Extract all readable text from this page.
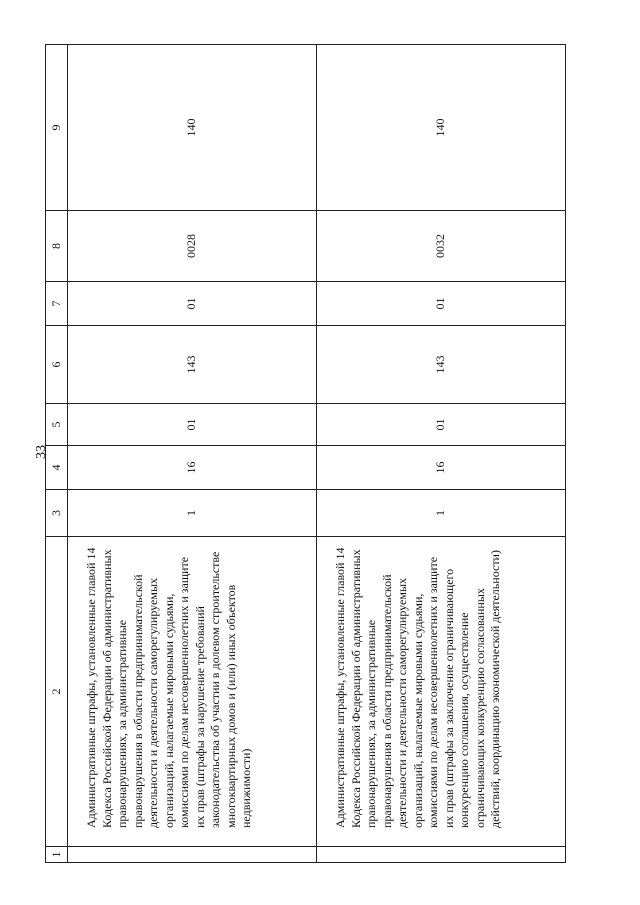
33
1	2	3	4	5	6	7	8	9
	Административные штрафы, установленные главой 14 Кодекса Российской Федерации об административных правонарушениях, за административные правонарушения в области предпринимательской деятельности и деятельности саморегулируемых организаций, налагаемые мировыми судьями, комиссиями по делам несовершеннолетних и защите их прав (штрафы за нарушение требований законодательства об участии в долевом строительстве многоквартирных домов и (или) иных объектов недвижимости)	1	16	01	143	01	0028	140
	Административные штрафы, установленные главой 14 Кодекса Российской Федерации об административных правонарушениях, за административные правонарушения в области предпринимательской деятельности и деятельности саморегулируемых организаций, налагаемые мировыми судьями, комиссиями по делам несовершеннолетних и защите их прав (штрафы за заключение ограничивающего конкуренцию соглашения, осуществление ограничивающих конкуренцию согласованных действий, координацию экономической деятельности)	1	16	01	143	01	0032	140
